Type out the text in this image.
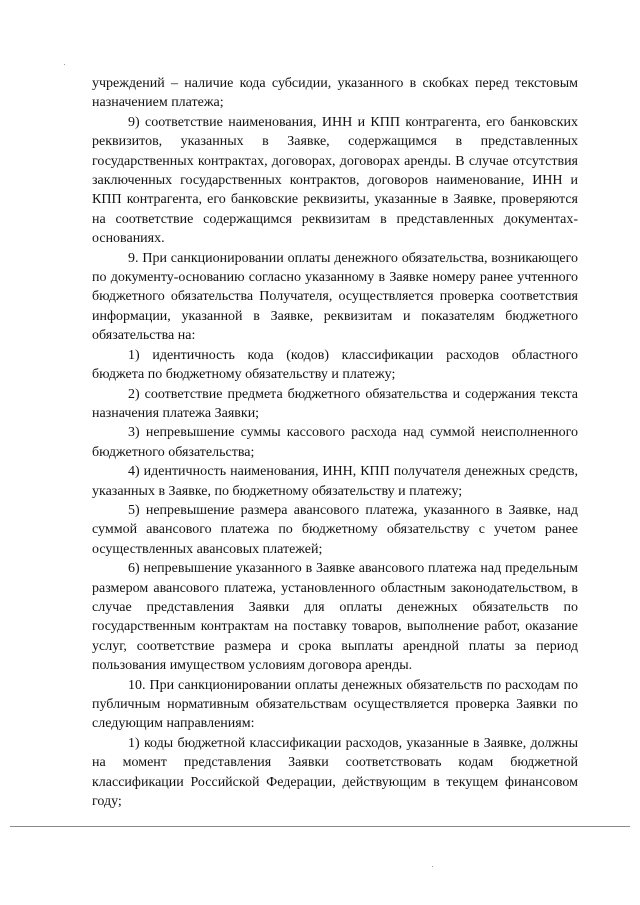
учреждений – наличие кода субсидии, указанного в скобках перед текстовым назначением платежа;

9) соответствие наименования, ИНН и КПП контрагента, его банковских реквизитов, указанных в Заявке, содержащимся в представленных государственных контрактах, договорах, договорах аренды. В случае отсутствия заключенных государственных контрактов, договоров наименование, ИНН и КПП контрагента, его банковские реквизиты, указанные в Заявке, проверяются на соответствие содержащимся реквизитам в представленных документах-основаниях.

9. При санкционировании оплаты денежного обязательства, возникающего по документу-основанию согласно указанному в Заявке номеру ранее учтенного бюджетного обязательства Получателя, осуществляется проверка соответствия информации, указанной в Заявке, реквизитам и показателям бюджетного обязательства на:

1) идентичность кода (кодов) классификации расходов областного бюджета по бюджетному обязательству и платежу;

2) соответствие предмета бюджетного обязательства и содержания текста назначения платежа Заявки;

3) непревышение суммы кассового расхода над суммой неисполненного бюджетного обязательства;

4) идентичность наименования, ИНН, КПП получателя денежных средств, указанных в Заявке, по бюджетному обязательству и платежу;

5) непревышение размера авансового платежа, указанного в Заявке, над суммой авансового платежа по бюджетному обязательству с учетом ранее осуществленных авансовых платежей;

6) непревышение указанного в Заявке авансового платежа над предельным размером авансового платежа, установленного областным законодательством, в случае представления Заявки для оплаты денежных обязательств по государственным контрактам на поставку товаров, выполнение работ, оказание услуг, соответствие размера и срока выплаты арендной платы за период пользования имуществом условиям договора аренды.

10. При санкционировании оплаты денежных обязательств по расходам по публичным нормативным обязательствам осуществляется проверка Заявки по следующим направлениям:

1) коды бюджетной классификации расходов, указанные в Заявке, должны на момент представления Заявки соответствовать кодам бюджетной классификации Российской Федерации, действующим в текущем финансовом году;
